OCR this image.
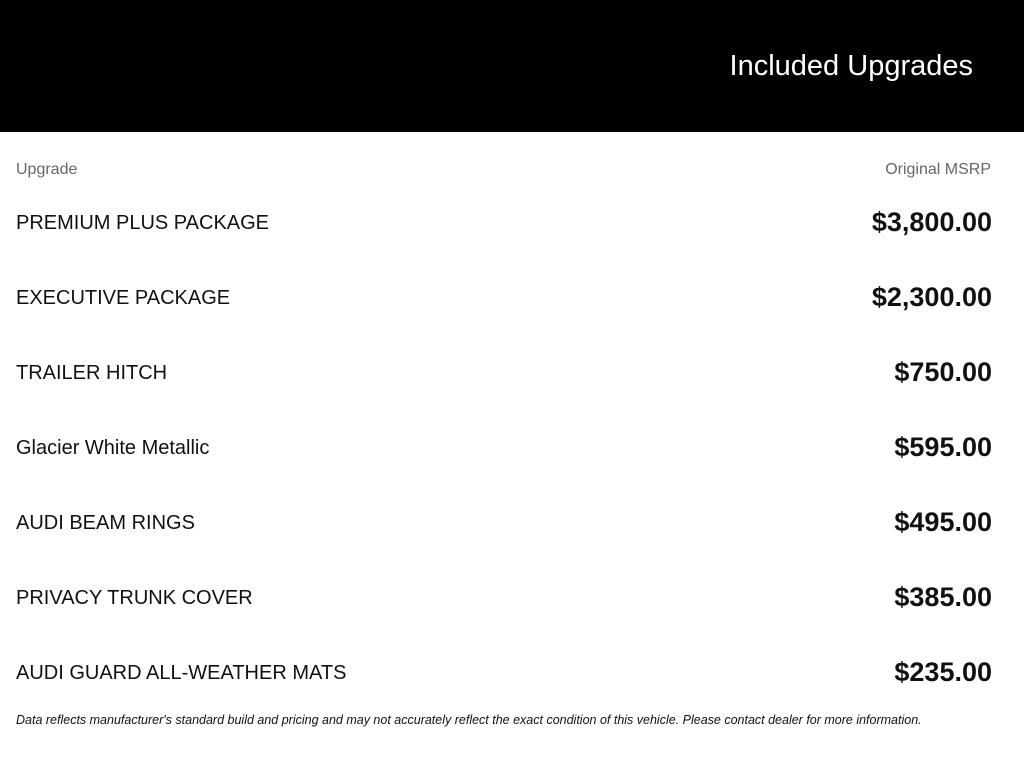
Included Upgrades
Upgrade	Original MSRP
PREMIUM PLUS PACKAGE	$3,800.00
EXECUTIVE PACKAGE	$2,300.00
TRAILER HITCH	$750.00
Glacier White Metallic	$595.00
AUDI BEAM RINGS	$495.00
PRIVACY TRUNK COVER	$385.00
AUDI GUARD ALL-WEATHER MATS	$235.00

Data reflects manufacturer's standard build and pricing and may not accurately reflect the exact condition of this vehicle. Please contact dealer for more information.
